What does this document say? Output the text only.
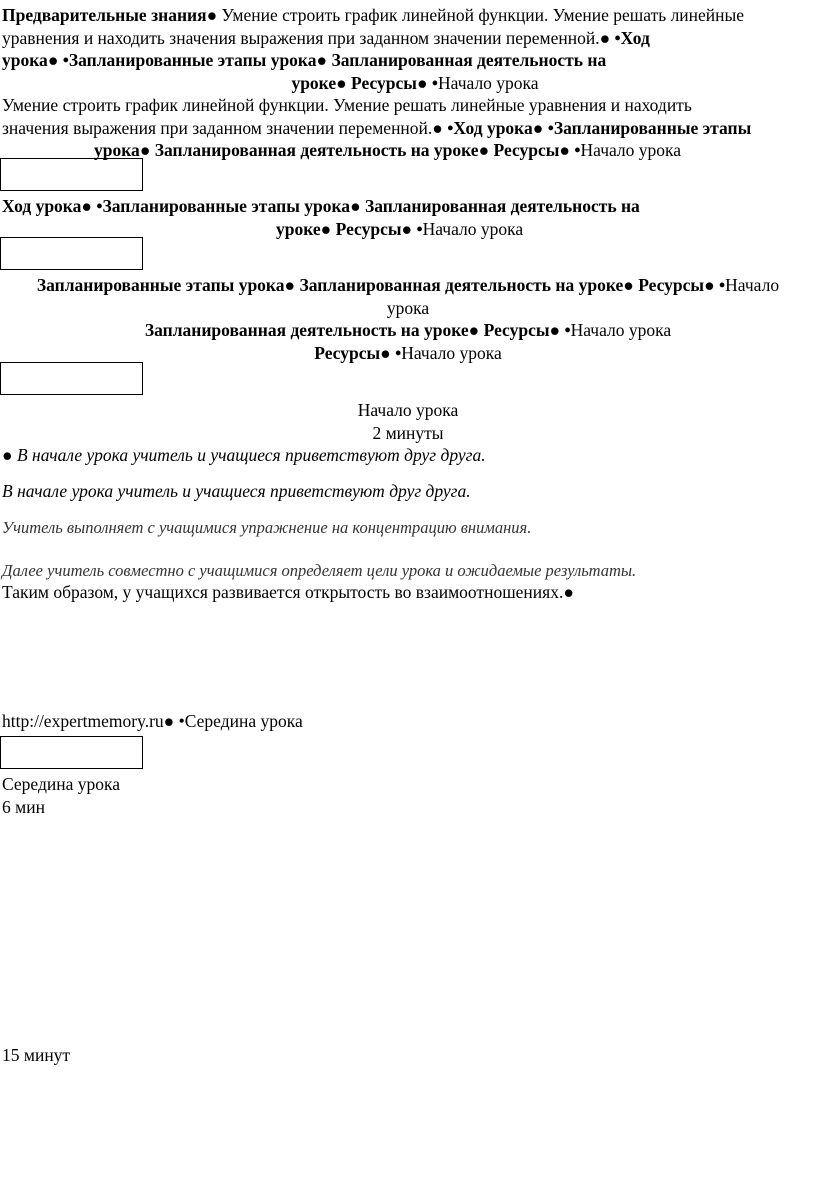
Предварительные знания● Умение строить график линейной функции. Умение решать линейные
уравнения и находить значения выражения при заданном значении переменной.● •Ход
урока● •Запланированные этапы урока● Запланированная деятельность на
уроке● Ресурсы● •Начало урока
Умение строить график линейной функции. Умение решать линейные уравнения и находить
значения выражения при заданном значении переменной.● •Ход урока● •Запланированные этапы
урока● Запланированная деятельность на уроке● Ресурсы● •Начало урока
Ход урока● •Запланированные этапы урока● Запланированная деятельность на
уроке● Ресурсы● •Начало урока
Запланированные этапы урока● Запланированная деятельность на уроке● Ресурсы● •Начало
урока
Запланированная деятельность на уроке● Ресурсы● •Начало урока
Ресурсы● •Начало урока
Начало урока
2 минуты
● В начале урока учитель и учащиеся приветствуют друг друга.
В начале урока учитель и учащиеся приветствуют друг друга.
Учитель выполняет с учащимися упражнение на концентрацию внимания.
Далее учитель совместно с учащимися определяет цели урока и ожидаемые результаты.
Таким образом, у учащихся развивается открытость во взаимоотношениях.●
http://expertmemory.ru● •Середина урока
Середина урока
6 мин
15 минут
